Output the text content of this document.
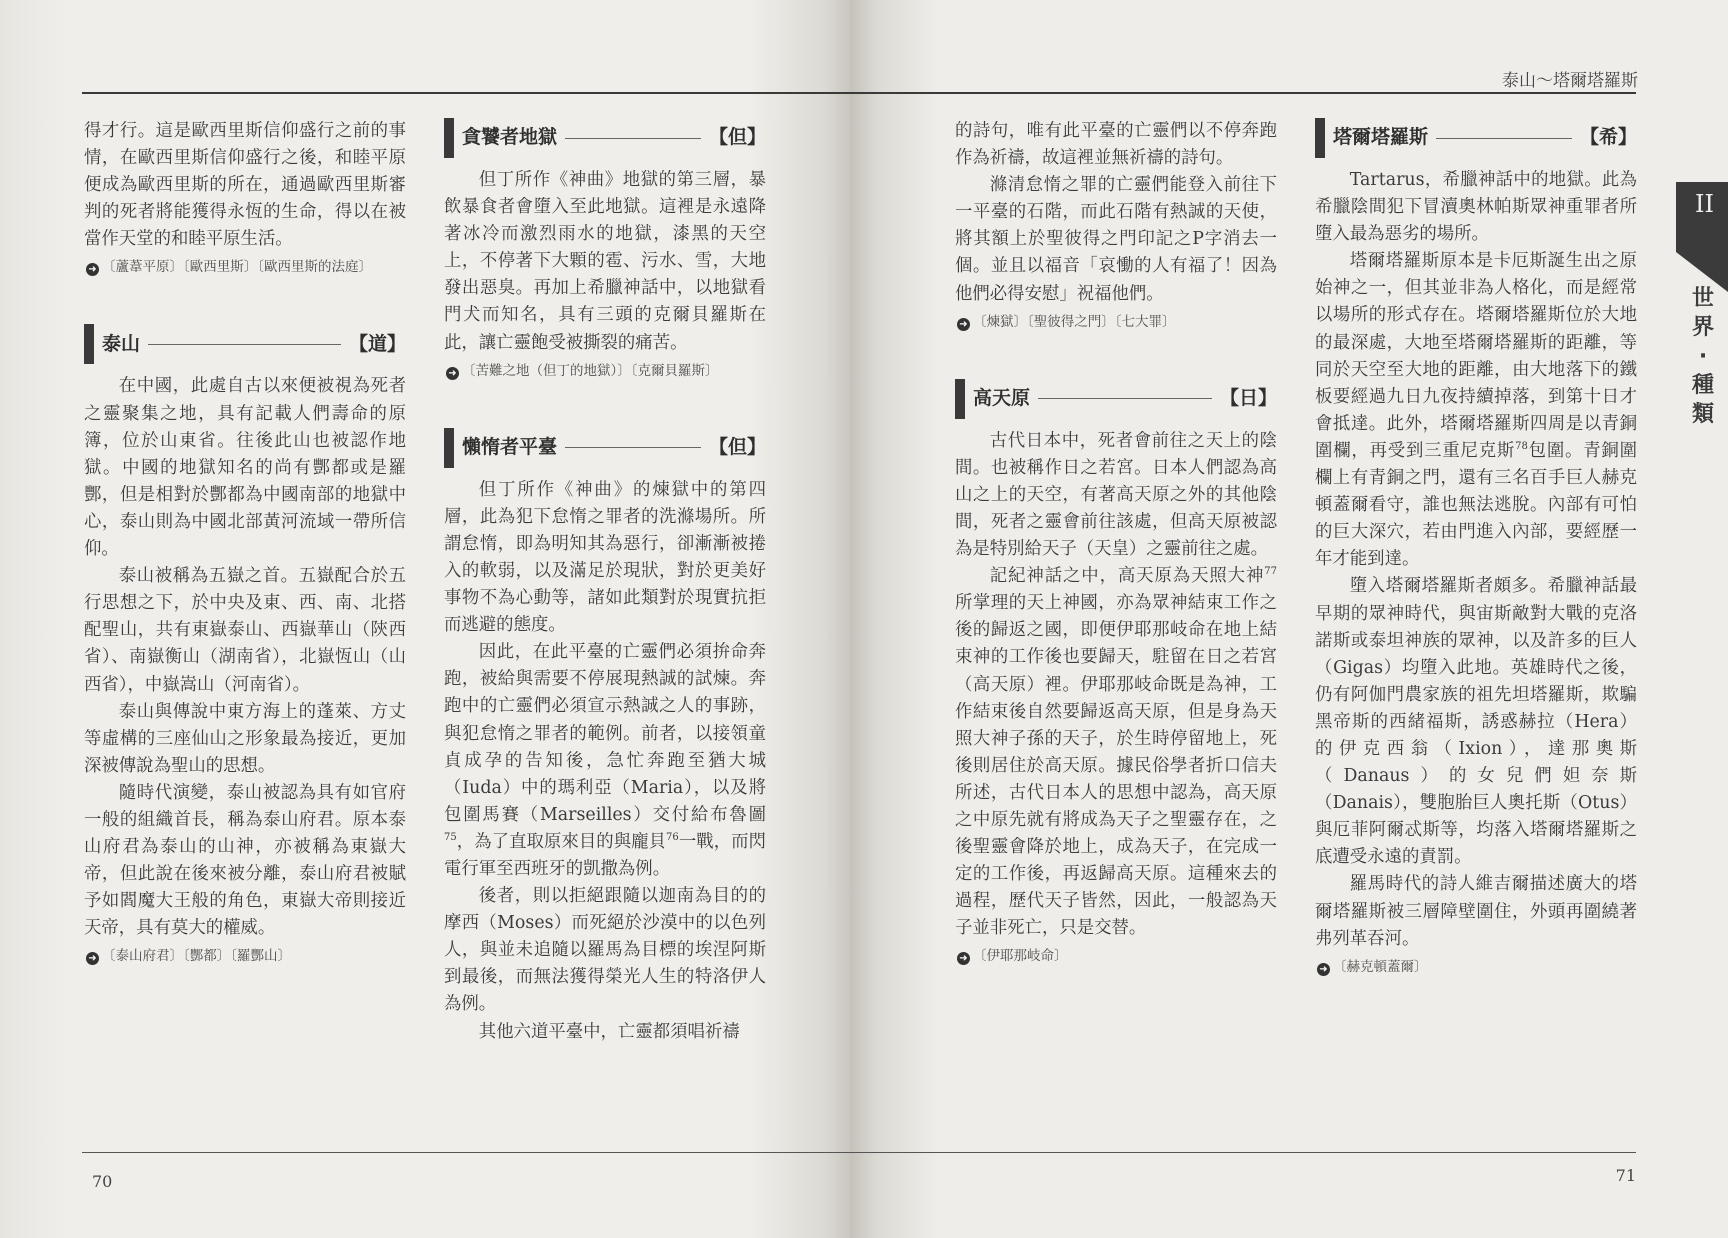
得才行。這是歐西里斯信仰盛行之前的事情，在歐西里斯信仰盛行之後，和睦平原便成為歐西里斯的所在，通過歐西里斯審判的死者將能獲得永恆的生命，得以在被當作天堂的和睦平原生活。

➜ 〔蘆葦平原〕〔歐西里斯〕〔歐西里斯的法庭〕
泰山	【道】

在中國，此處自古以來便被視為死者之靈聚集之地，具有記載人們壽命的原簿，位於山東省。往後此山也被認作地獄。中國的地獄知名的尚有酆都或是羅酆，但是相對於酆都為中國南部的地獄中心，泰山則為中國北部黃河流域一帶所信仰。

泰山被稱為五嶽之首。五嶽配合於五行思想之下，於中央及東、西、南、北搭配聖山，共有東嶽泰山、西嶽華山（陝西省）、南嶽衡山（湖南省），北嶽恆山（山西省），中嶽嵩山（河南省）。

泰山與傳說中東方海上的蓬萊、方丈等虛構的三座仙山之形象最為接近，更加深被傳說為聖山的思想。

隨時代演變，泰山被認為具有如官府一般的組織首長，稱為泰山府君。原本泰山府君為泰山的山神，亦被稱為東嶽大帝，但此說在後來被分離，泰山府君被賦予如閻魔大王般的角色，東嶽大帝則接近天帝，具有莫大的權威。

➜ 〔泰山府君〕〔酆都〕〔羅酆山〕
貪饕者地獄	【但】

但丁所作《神曲》地獄的第三層，暴飲暴食者會墮入至此地獄。這裡是永遠降著冰冷而激烈雨水的地獄，漆黑的天空上，不停著下大顆的雹、污水、雪，大地發出惡臭。再加上希臘神話中，以地獄看門犬而知名，具有三頭的克爾貝羅斯在此，讓亡靈飽受被撕裂的痛苦。

➜ 〔苦難之地（但丁的地獄）〕〔克爾貝羅斯〕
懶惰者平臺	【但】

但丁所作《神曲》的煉獄中的第四層，此為犯下怠惰之罪者的洗滌場所。所謂怠惰，即為明知其為惡行，卻漸漸被捲入的軟弱，以及滿足於現狀，對於更美好事物不為心動等，諸如此類對於現實抗拒而逃避的態度。

因此，在此平臺的亡靈們必須拚命奔跑，被給與需要不停展現熱誠的試煉。奔跑中的亡靈們必須宣示熱誠之人的事跡，與犯怠惰之罪者的範例。前者，以接領童貞成孕的告知後，急忙奔跑至猶大城（Iuda）中的瑪利亞（Maria），以及將包圍馬賽（Marseilles）交付給布魯圖$^{75}$，為了直取原來目的與龐貝$^{76}$一戰，而閃電行軍至西班牙的凱撒為例。

後者，則以拒絕跟隨以迦南為目的的摩西（Moses）而死絕於沙漠中的以色列人，與並未追隨以羅馬為目標的埃涅阿斯到最後，而無法獲得榮光人生的特洛伊人為例。

其他六道平臺中，亡靈都須唱祈禱

70
泰山～塔爾塔羅斯
II
世界·種類

的詩句，唯有此平臺的亡靈們以不停奔跑作為祈禱，故這裡並無祈禱的詩句。

滌清怠惰之罪的亡靈們能登入前往下一平臺的石階，而此石階有熱誠的天使，將其額上於聖彼得之門印記之P字消去一個。並且以福音「哀慟的人有福了！因為他們必得安慰」祝福他們。

➜ 〔煉獄〕〔聖彼得之門〕〔七大罪〕
高天原	【日】

古代日本中，死者會前往之天上的陰間。也被稱作日之若宮。日本人們認為高山之上的天空，有著高天原之外的其他陰間，死者之靈會前往該處，但高天原被認為是特別給天子（天皇）之靈前往之處。

記紀神話之中，高天原為天照大神$^{77}$所掌理的天上神國，亦為眾神結束工作之後的歸返之國，即便伊耶那岐命在地上結束神的工作後也要歸天，駐留在日之若宮（高天原）裡。伊耶那岐命既是為神，工作結束後自然要歸返高天原，但是身為天照大神子孫的天子，於生時停留地上，死後則居住於高天原。據民俗學者折口信夫所述，古代日本人的思想中認為，高天原之中原先就有將成為天子之聖靈存在，之後聖靈會降於地上，成為天子，在完成一定的工作後，再返歸高天原。這種來去的過程，歷代天子皆然，因此，一般認為天子並非死亡，只是交替。

➜ 〔伊耶那岐命〕
塔爾塔羅斯	【希】

Tartarus，希臘神話中的地獄。此為希臘陰間犯下冒瀆奧林帕斯眾神重罪者所墮入最為惡劣的場所。

塔爾塔羅斯原本是卡厄斯誕生出之原始神之一，但其並非為人格化，而是經常以場所的形式存在。塔爾塔羅斯位於大地的最深處，大地至塔爾塔羅斯的距離，等同於天空至大地的距離，由大地落下的鐵板要經過九日九夜持續掉落，到第十日才會抵達。此外，塔爾塔羅斯四周是以青銅圍欄，再受到三重尼克斯$^{78}$包圍。青銅圍欄上有青銅之門，還有三名百手巨人赫克頓蓋爾看守，誰也無法逃脫。內部有可怕的巨大深穴，若由門進入內部，要經歷一年才能到達。

墮入塔爾塔羅斯者頗多。希臘神話最早期的眾神時代，與宙斯敵對大戰的克洛諾斯或泰坦神族的眾神，以及許多的巨人（Gigas）均墮入此地。英雄時代之後，仍有阿伽門農家族的祖先坦塔羅斯，欺騙黑帝斯的西緒福斯，誘惑赫拉（Hera）的伊克西翁（Ixion），達那奧斯（Danaus）的女兒們妲奈斯（Danais），雙胞胎巨人奧托斯（Otus）與厄菲阿爾忒斯等，均落入塔爾塔羅斯之底遭受永遠的責罰。

羅馬時代的詩人維吉爾描述廣大的塔爾塔羅斯被三層障壁圍住，外頭再圍繞著弗列革吞河。

➜ 〔赫克頓蓋爾〕
71
